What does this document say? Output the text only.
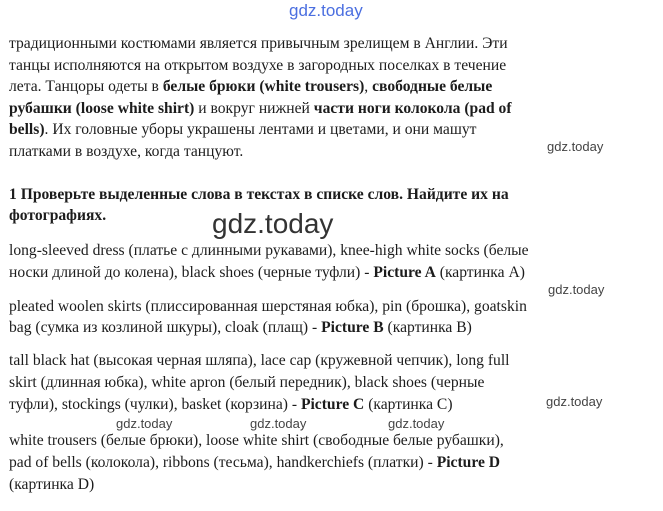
gdz.today
традиционными костюмами является привычным зрелищем в Англии. Эти
танцы исполняются на открытом воздухе в загородных поселках в течение
лета. Танцоры одеты в белые брюки (white trousers), свободные белые
рубашки (loose white shirt) и вокруг нижней части ноги колокола (pad of
bells). Их головные уборы украшены лентами и цветами, и они машут
платками в воздухе, когда танцуют.	gdz.today
1 Проверьте выделенные слова в текстах в списке слов. Найдите их на
фотографиях.	gdz.today
long-sleeved dress (платье с длинными рукавами), knee-high white socks (белые
носки длиной до колена), black shoes (черные туфли) - Picture A (картинка А)
gdz.today
pleated woolen skirts (плиссированная шерстяная юбка), pin (брошка), goatskin
bag (сумка из козлиной шкуры), cloak (плащ) - Picture B (картинка B)
tall black hat (высокая черная шляпа), lace cap (кружевной чепчик), long full
skirt (длинная юбка), white apron (белый передник), black shoes (черные
туфли), stockings (чулки), basket (корзина) - Picture C (картинка С)	gdz.today
gdz.today	gdz.today	gdz.today
white trousers (белые брюки), loose white shirt (свободные белые рубашки),
pad of bells (колокола), ribbons (тесьма), handkerchiefs (платки) - Picture D
(картинка D)
